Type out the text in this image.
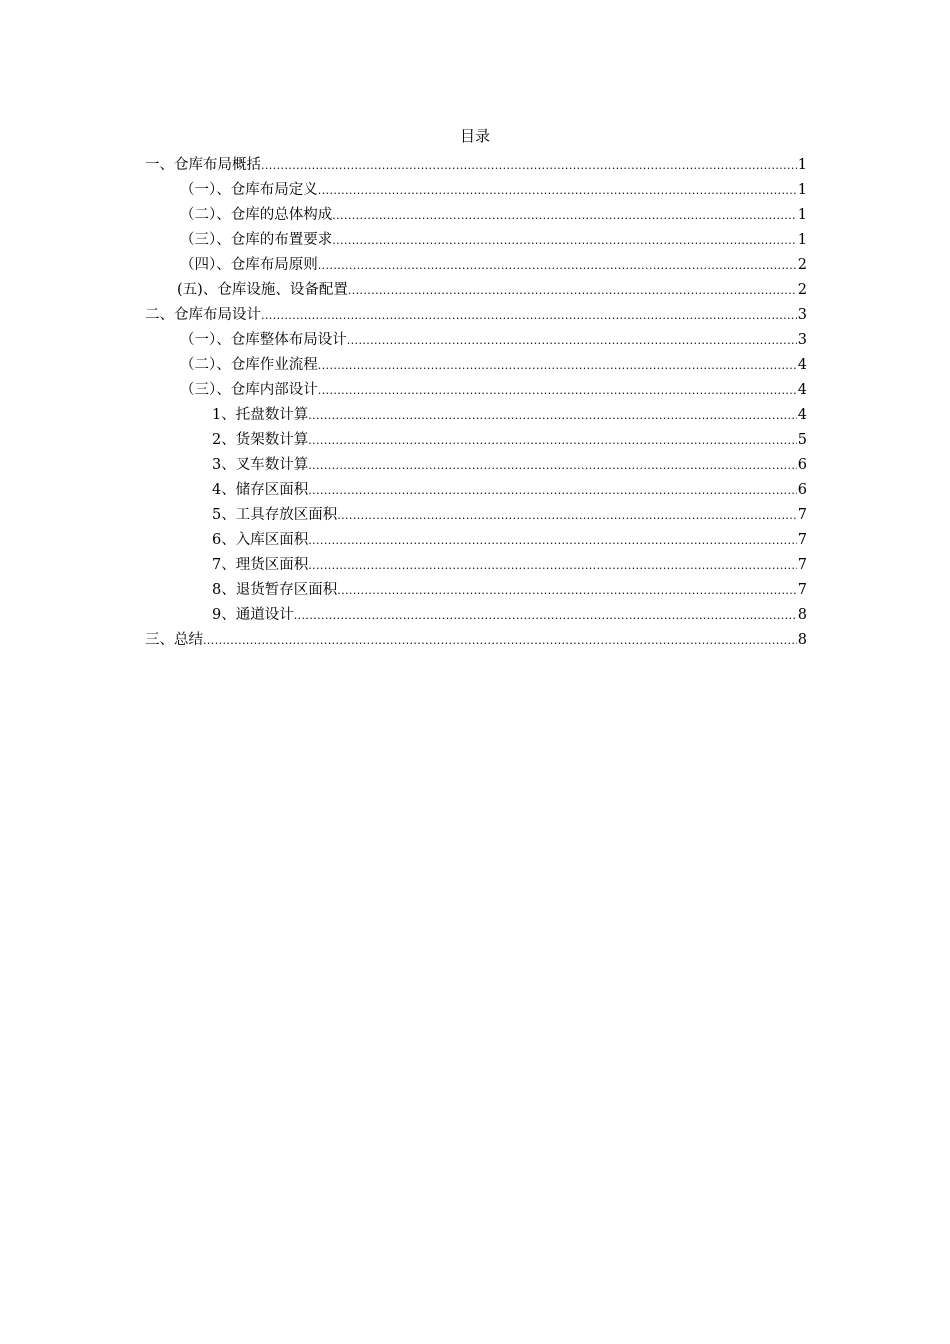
目录
一、仓库布局概括 .....	1
（一）、仓库布局定义 .....	1
（二）、仓库的总体构成 .....	1
（三）、仓库的布置要求 .....	1
（四）、仓库布局原则 .....	2
(五)、仓库设施、设备配置 .....	2
二、仓库布局设计 .....	3
（一）、仓库整体布局设计 .....	3
（二）、仓库作业流程 .....	4
（三）、仓库内部设计 .....	4
1、托盘数计算 .....	4
2、货架数计算 .....	5
3、叉车数计算 .....	6
4、储存区面积 .....	6
5、工具存放区面积 .....	7
6、入库区面积 .....	7
7、理货区面积 .....	7
8、退货暂存区面积 .....	7
9、通道设计 .....	8
三、总结 .....	8
